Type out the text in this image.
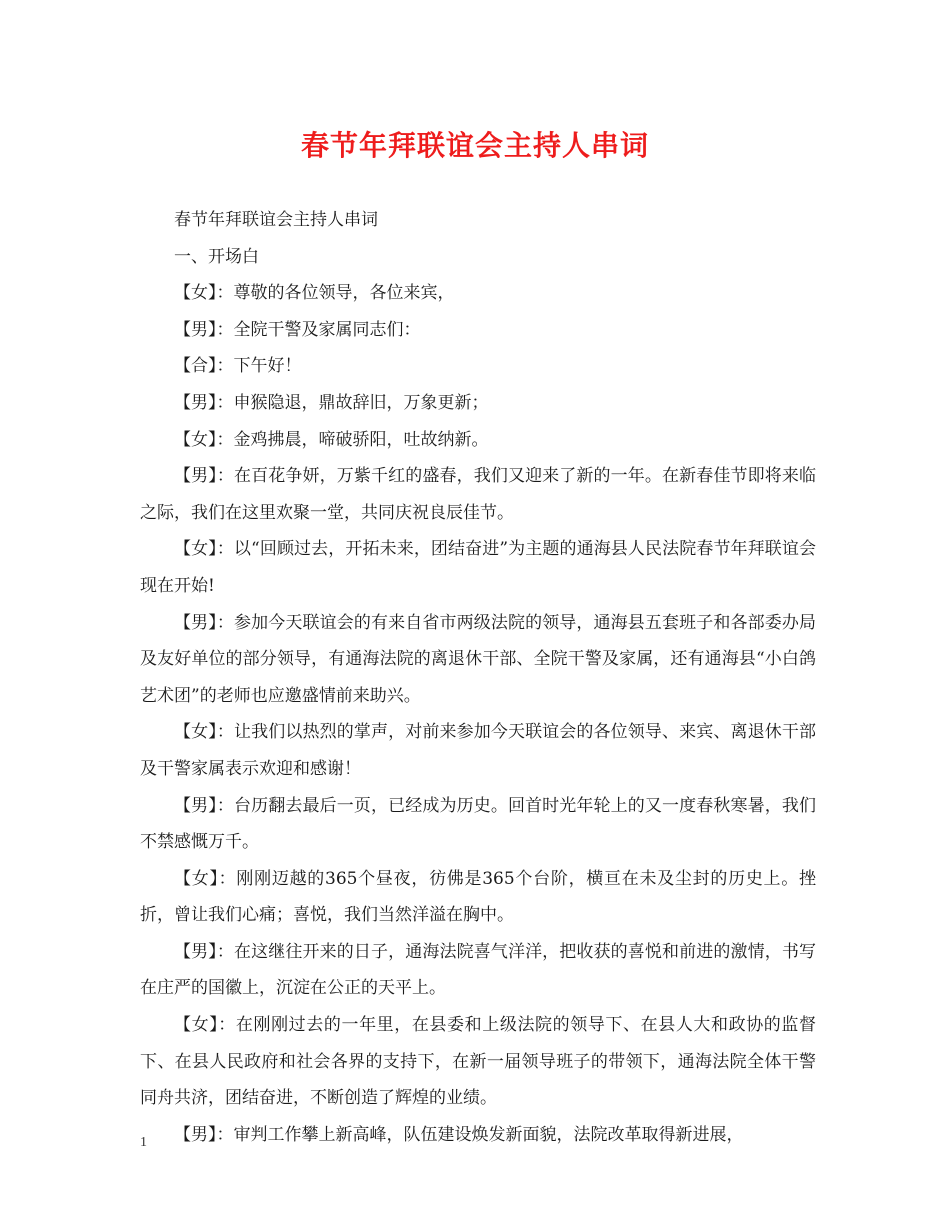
春节年拜联谊会主持人串词

春节年拜联谊会主持人串词

一、开场白

【女】：尊敬的各位领导，各位来宾，

【男】：全院干警及家属同志们：

【合】：下午好！

【男】：申猴隐退，鼎故辞旧，万象更新；

【女】：金鸡拂晨，啼破骄阳，吐故纳新。

【男】：在百花争妍，万紫千红的盛春，我们又迎来了新的一年。在新春佳节即将来临之际，我们在这里欢聚一堂，共同庆祝良辰佳节。

【女】：以“回顾过去，开拓未来，团结奋进”为主题的通海县人民法院春节年拜联谊会现在开始!

【男】：参加今天联谊会的有来自省市两级法院的领导，通海县五套班子和各部委办局及友好单位的部分领导，有通海法院的离退休干部、全院干警及家属，还有通海县“小白鸽艺术团”的老师也应邀盛情前来助兴。

【女】：让我们以热烈的掌声，对前来参加今天联谊会的各位领导、来宾、离退休干部及干警家属表示欢迎和感谢！

【男】：台历翻去最后一页，已经成为历史。回首时光年轮上的又一度春秋寒暑，我们不禁感慨万千。

【女】：刚刚迈越的365个昼夜，彷佛是365个台阶，横亘在未及尘封的历史上。挫折，曾让我们心痛；喜悦，我们当然洋溢在胸中。

【男】：在这继往开来的日子，通海法院喜气洋洋，把收获的喜悦和前进的激情，书写在庄严的国徽上，沉淀在公正的天平上。

【女】：在刚刚过去的一年里，在县委和上级法院的领导下、在县人大和政协的监督下、在县人民政府和社会各界的支持下，在新一届领导班子的带领下，通海法院全体干警同舟共济，团结奋进，不断创造了辉煌的业绩。

【男】：审判工作攀上新高峰，队伍建设焕发新面貌，法院改革取得新进展，

1
